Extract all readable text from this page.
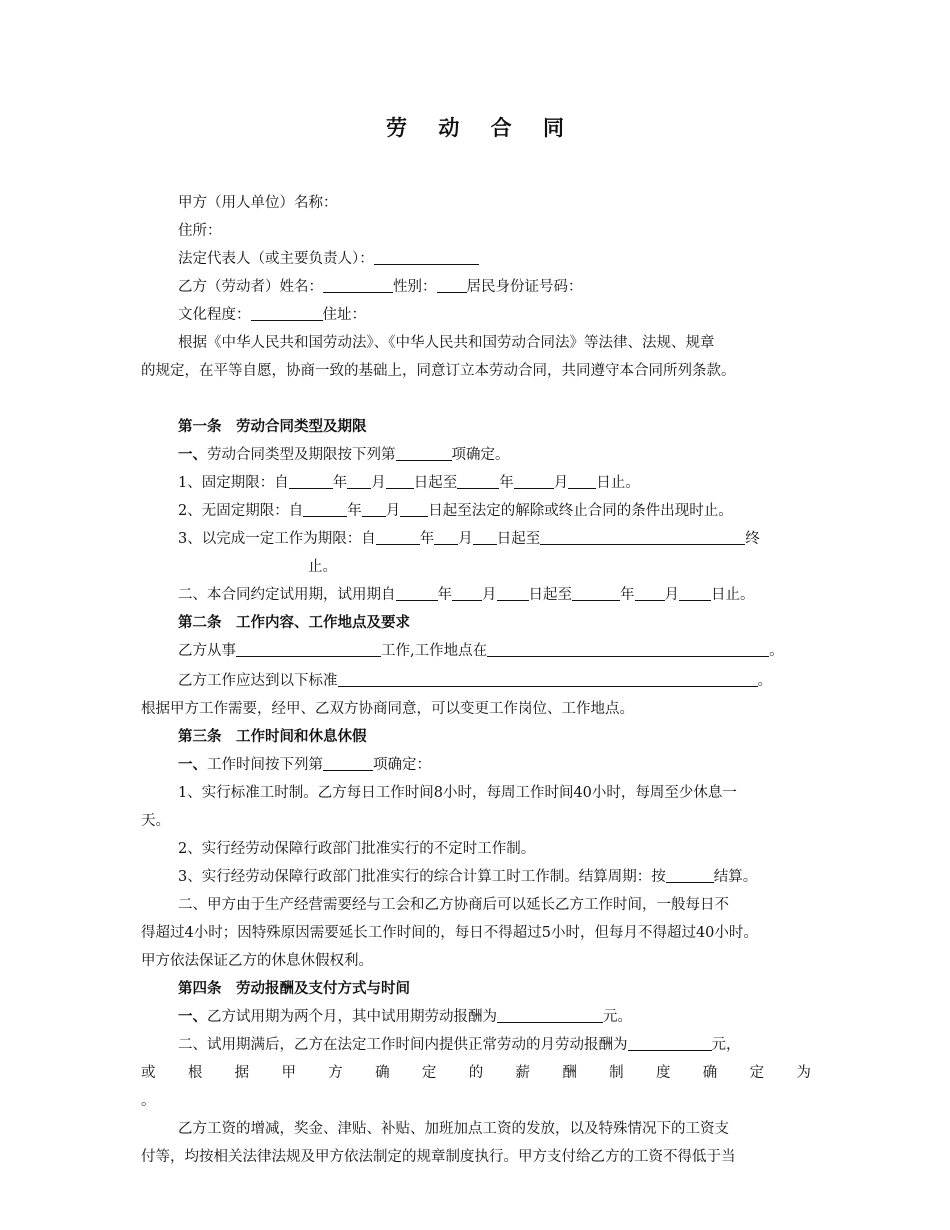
劳 动 合 同
甲方（用人单位）名称：
住所：
法定代表人（或主要负责人）：
乙方（劳动者）姓名：	性别： 居民身份证号码：
文化程度：	住址：
根据《中华人民共和国劳动法》、《中华人民共和国劳动合同法》等法律、法规、规章
的规定，在平等自愿，协商一致的基础上，同意订立本劳动合同，共同遵守本合同所列条款。
第一条　劳动合同类型及期限
一、劳动合同类型及期限按下列第	项确定。
1、固定期限：自	年 月 日起至	年	月 日止。
2、无固定期限：自	年 月 日起至法定的解除或终止合同的条件出现时止。
3、以完成一定工作为期限：自	年 月 日起至	终
止。
二、本合同约定试用期，试用期自	年 月 日起至	年 月 日止。
第二条　工作内容、工作地点及要求
乙方从事	工作,工作地点在	。
乙方工作应达到以下标准	。
根据甲方工作需要，经甲、乙双方协商同意，可以变更工作岗位、工作地点。
第三条　工作时间和休息休假
一、工作时间按下列第	项确定：
1、实行标准工时制。乙方每日工作时间8小时，每周工作时间40小时，每周至少休息一
天。
2、实行经劳动保障行政部门批准实行的不定时工作制。
3、实行经劳动保障行政部门批准实行的综合计算工时工作制。结算周期：按	结算。
二、甲方由于生产经营需要经与工会和乙方协商后可以延长乙方工作时间，一般每日不
得超过4小时；因特殊原因需要延长工作时间的，每日不得超过5小时，但每月不得超过40小时。
甲方依法保证乙方的休息休假权利。
第四条　劳动报酬及支付方式与时间
一、乙方试用期为两个月，其中试用期劳动报酬为	元。
二、试用期满后，乙方在法定工作时间内提供正常劳动的月劳动报酬为	元，
或 根 据 甲 方 确 定 的 薪 酬 制 度 确 定 为
。
乙方工资的增减，奖金、津贴、补贴、加班加点工资的发放，以及特殊情况下的工资支
付等，均按相关法律法规及甲方依法制定的规章制度执行。甲方支付给乙方的工资不得低于当
